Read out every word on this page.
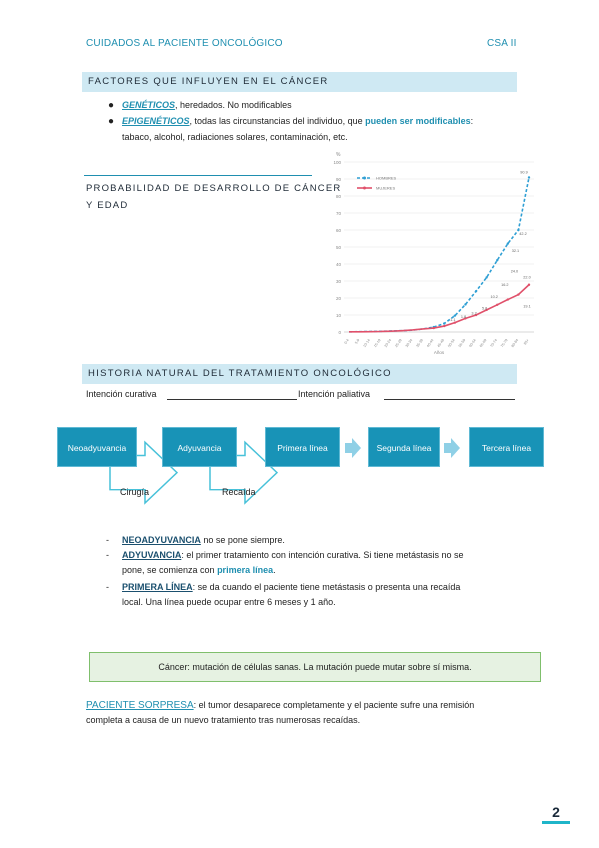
CUIDADOS AL PACIENTE ONCOLÓGICO	CSA II
FACTORES QUE INFLUYEN EN EL CÁNCER
● GENÉTICOS, heredados. No modificables
● EPIGENÉTICOS, todas las circunstancias del individuo, que pueden ser modificables:
tabaco, alcohol, radiaciones solares, contaminación, etc.
PROBABILIDAD DE DESARROLLO DE CÁNCER
Y EDAD
0
10
20
30
40
50
60
70
80
90
100
%
0-4 5-9 10-14 15-19 20-24 25-29 30-34 35-39 40-44 45-49 50-54 55-59 60-64 65-69 70-74 75-79 80-84 85+
Años
1.1
1.8
3.2
5.8
10.2
16.2
24.0
32.1
42.2
90.9
19.1
22.0
HOMBRES
MUJERES
HISTORIA NATURAL DEL TRATAMIENTO ONCOLÓGICO
Intención curativa	Intención paliativa
Neoadyuvancia	Adyuvancia	Primera línea	Segunda línea	Tercera línea
Cirugía	Recaída
- NEOADYUVANCIA no se pone siempre.
- ADYUVANCIA: el primer tratamiento con intención curativa. Si tiene metástasis no se
pone, se comienza con primera línea.
- PRIMERA LÍNEA: se da cuando el paciente tiene metástasis o presenta una recaída
local. Una línea puede ocupar entre 6 meses y 1 año.
Cáncer: mutación de células sanas. La mutación puede mutar sobre sí misma.
PACIENTE SORPRESA: el tumor desaparece completamente y el paciente sufre una remisión
completa a causa de un nuevo tratamiento tras numerosas recaídas.
2
